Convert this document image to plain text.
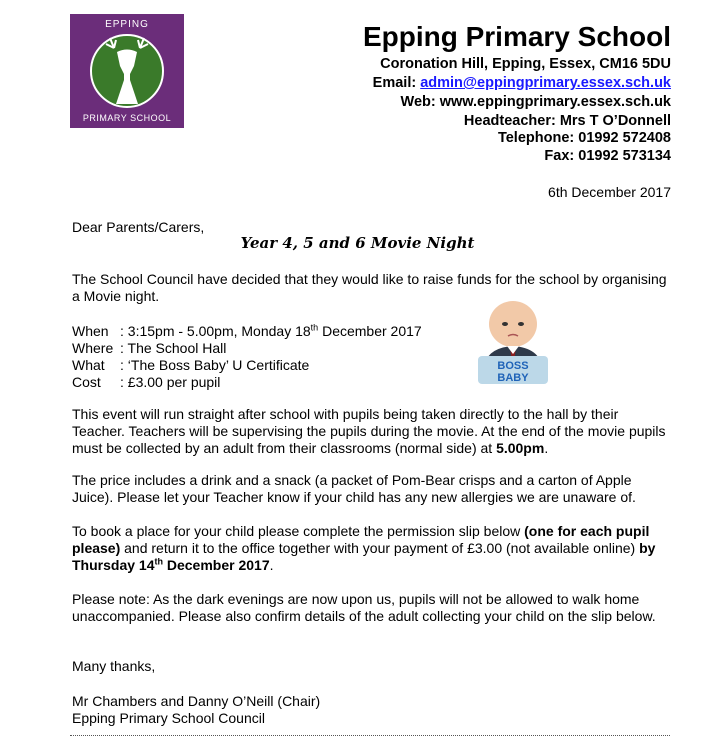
EPPING
PRIMARY SCHOOL
Epping Primary School
Coronation Hill, Epping, Essex, CM16 5DU
Email: admin@eppingprimary.essex.sch.uk
Web: www.eppingprimary.essex.sch.uk
Headteacher: Mrs T O’Donnell
Telephone: 01992 572408
Fax: 01992 573134
6th December 2017
Dear Parents/Carers,
Year 4, 5 and 6 Movie Night
The School Council have decided that they would like to raise funds for the school by organising a Movie night.
When : 3:15pm - 5.00pm, Monday 18th December 2017
Where : The School Hall
What : ‘The Boss Baby’ U Certificate
Cost : £3.00 per pupil
BOSS
BABY
This event will run straight after school with pupils being taken directly to the hall by their Teacher. Teachers will be supervising the pupils during the movie. At the end of the movie pupils must be collected by an adult from their classrooms (normal side) at 5.00pm.
The price includes a drink and a snack (a packet of Pom-Bear crisps and a carton of Apple Juice). Please let your Teacher know if your child has any new allergies we are unaware of.
To book a place for your child please complete the permission slip below (one for each pupil please) and return it to the office together with your payment of £3.00 (not available online) by Thursday 14th December 2017.
Please note: As the dark evenings are now upon us, pupils will not be allowed to walk home unaccompanied. Please also confirm details of the adult collecting your child on the slip below.
Many thanks,
Mr Chambers and Danny O’Neill (Chair)
Epping Primary School Council
